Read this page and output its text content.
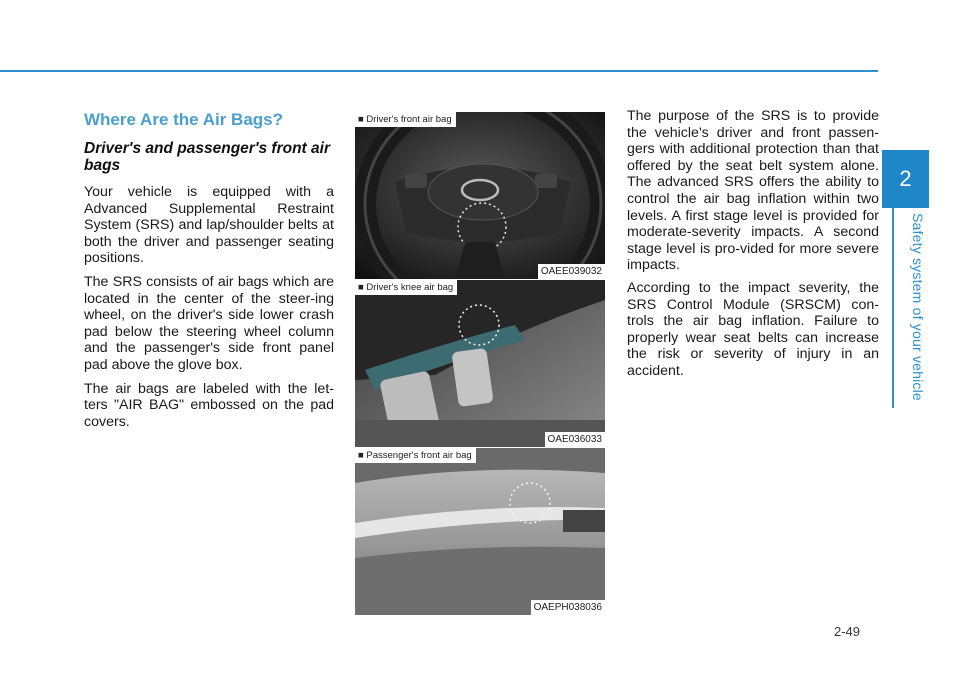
2
Safety system of your vehicle
Where Are the Air Bags?
Driver's and passenger's front air bags

Your vehicle is equipped with a Advanced Supplemental Restraint System (SRS) and lap/shoulder belts at both the driver and passenger seating positions.

The SRS consists of air bags which are located in the center of the steer-ing wheel, on the driver's side lower crash pad below the steering wheel column and the passenger's side front panel pad above the glove box.

The air bags are labeled with the let-ters "AIR BAG" embossed on the pad covers.

■ Driver's front air bag
OAEE039032
■ Driver's knee air bag
OAE036033
■ Passenger's front air bag
OAEPH038036

The purpose of the SRS is to provide the vehicle's driver and front passen-gers with additional protection than that offered by the seat belt system alone. The advanced SRS offers the ability to control the air bag inflation within two levels. A first stage level is provided for moderate-severity impacts. A second stage level is pro-vided for more severe impacts.

According to the impact severity, the SRS Control Module (SRSCM) con-trols the air bag inflation. Failure to properly wear seat belts can increase the risk or severity of injury in an accident.

2-49
